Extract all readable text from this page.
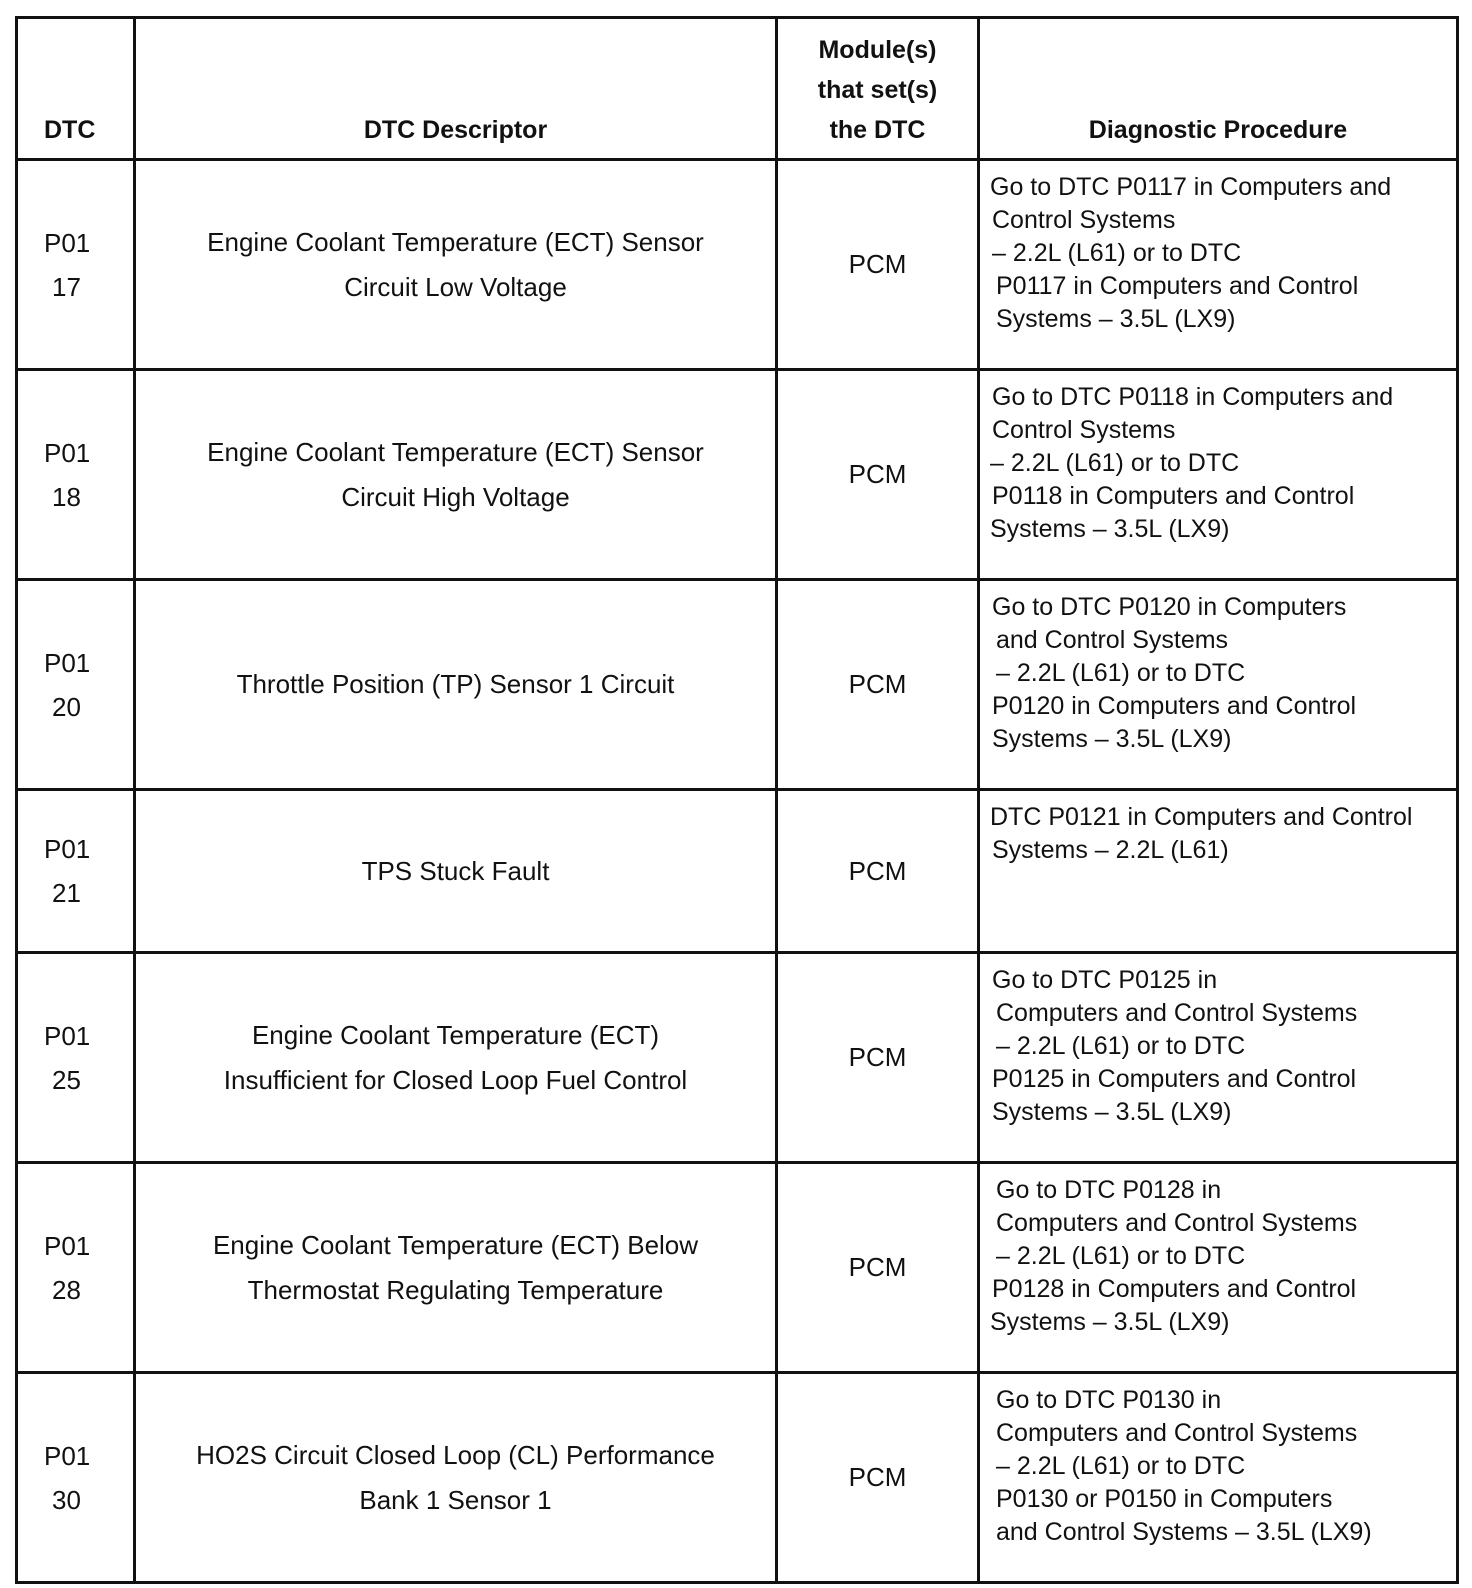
DTC	DTC Descriptor	Module(s)
that set(s)
the DTC	Diagnostic Procedure

P01
17	Engine Coolant Temperature (ECT) Sensor
Circuit Low Voltage	PCM	Go to DTC P0117 in Computers and
Control Systems
– 2.2L (L61) or to DTC
P0117 in Computers and Control
Systems – 3.5L (LX9)

P01
18	Engine Coolant Temperature (ECT) Sensor
Circuit High Voltage	PCM	Go to DTC P0118 in Computers and
Control Systems
– 2.2L (L61) or to DTC
P0118 in Computers and Control
Systems – 3.5L (LX9)

P01
20	Throttle Position (TP) Sensor 1 Circuit	PCM	Go to DTC P0120 in Computers
and Control Systems
– 2.2L (L61) or to DTC
P0120 in Computers and Control
Systems – 3.5L (LX9)

P01
21	TPS Stuck Fault	PCM	DTC P0121 in Computers and Control
Systems – 2.2L (L61)

P01
25	Engine Coolant Temperature (ECT)
Insufficient for Closed Loop Fuel Control	PCM	Go to DTC P0125 in
Computers and Control Systems
– 2.2L (L61) or to DTC
P0125 in Computers and Control
Systems – 3.5L (LX9)

P01
28	Engine Coolant Temperature (ECT) Below
Thermostat Regulating Temperature	PCM	Go to DTC P0128 in
Computers and Control Systems
– 2.2L (L61) or to DTC
P0128 in Computers and Control
Systems – 3.5L (LX9)

P01
30	HO2S Circuit Closed Loop (CL) Performance
Bank 1 Sensor 1	PCM	Go to DTC P0130 in
Computers and Control Systems
– 2.2L (L61) or to DTC
P0130 or P0150 in Computers
and Control Systems – 3.5L (LX9)
